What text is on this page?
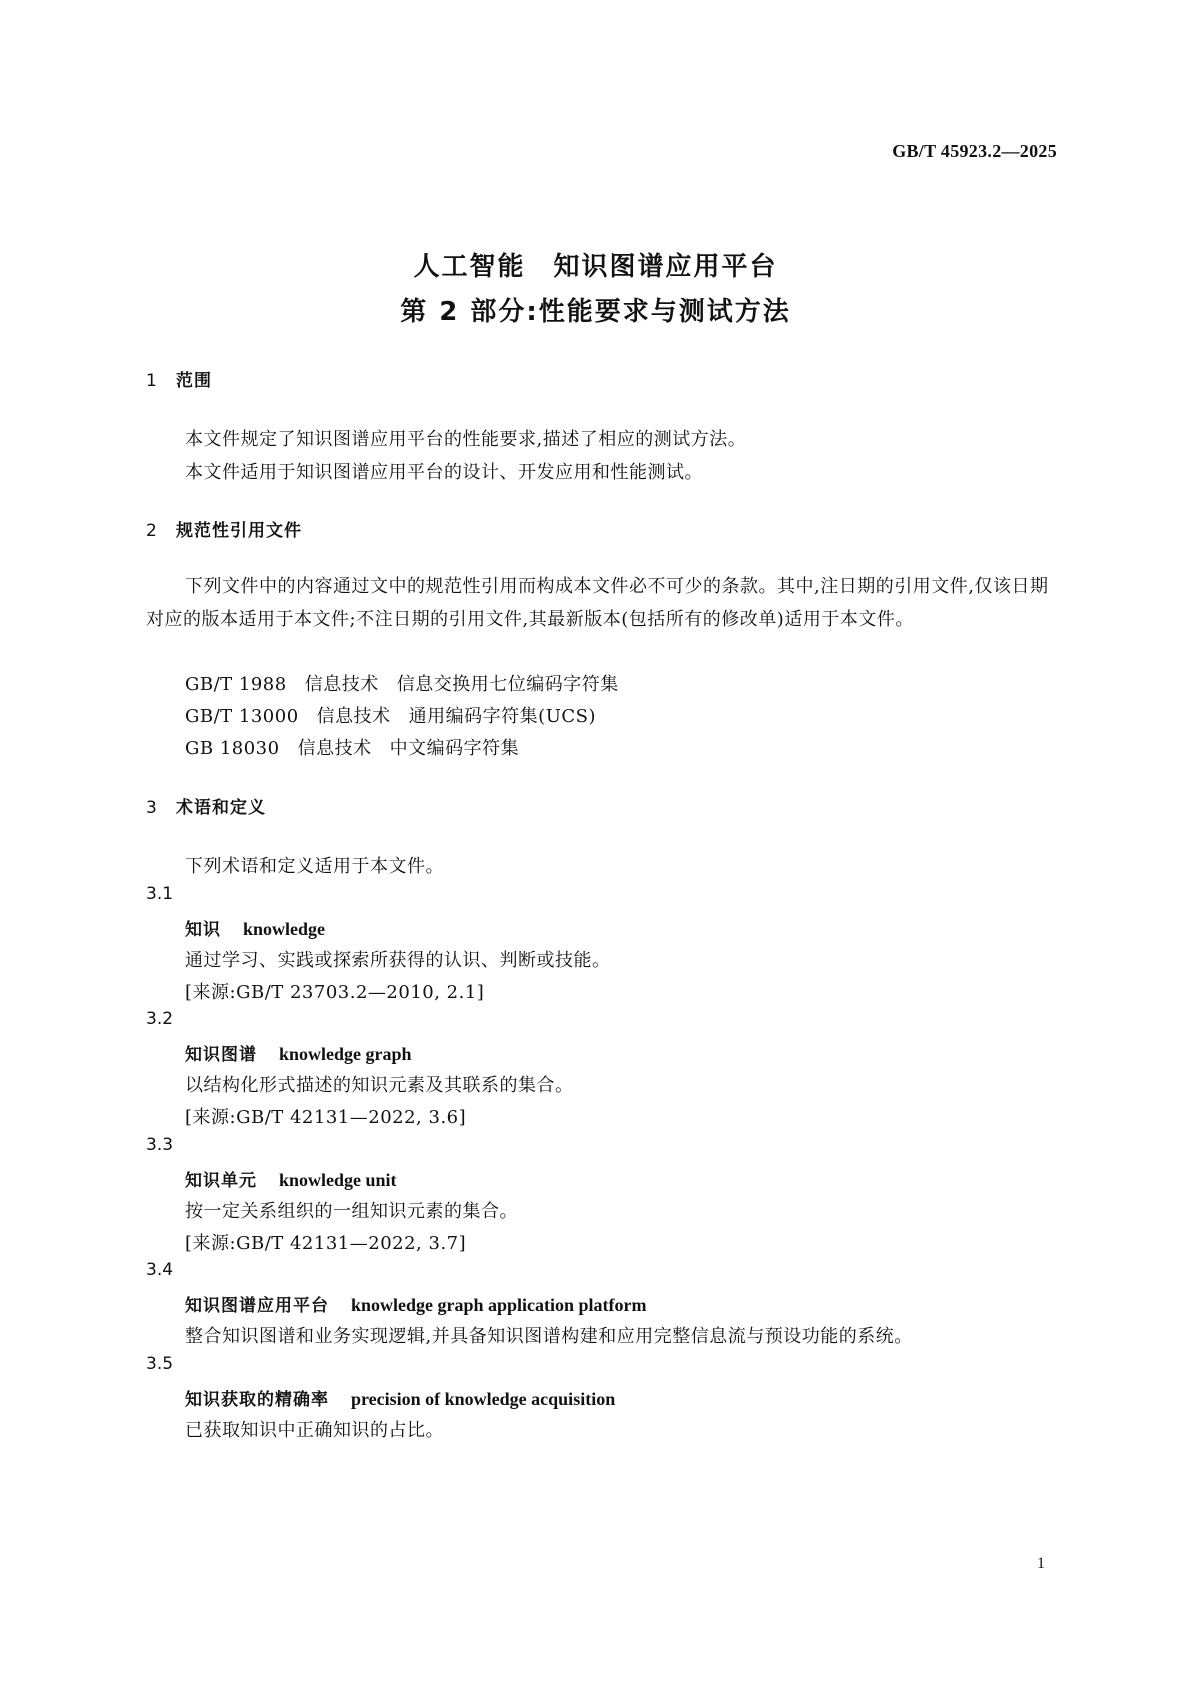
GB/T 45923.2—2025
人工智能 知识图谱应用平台
第 2 部分:性能要求与测试方法
1 范围
本文件规定了知识图谱应用平台的性能要求,描述了相应的测试方法。
本文件适用于知识图谱应用平台的设计、开发应用和性能测试。
2 规范性引用文件
下列文件中的内容通过文中的规范性引用而构成本文件必不可少的条款。其中,注日期的引用文件,仅该日期对应的版本适用于本文件;不注日期的引用文件,其最新版本(包括所有的修改单)适用于本文件。
GB/T 1988 信息技术 信息交换用七位编码字符集
GB/T 13000 信息技术 通用编码字符集(UCS)
GB 18030 信息技术 中文编码字符集
3 术语和定义
下列术语和定义适用于本文件。
3.1
知识 knowledge
通过学习、实践或探索所获得的认识、判断或技能。
[来源:GB/T 23703.2—2010, 2.1]
3.2
知识图谱 knowledge graph
以结构化形式描述的知识元素及其联系的集合。
[来源:GB/T 42131—2022, 3.6]
3.3
知识单元 knowledge unit
按一定关系组织的一组知识元素的集合。
[来源:GB/T 42131—2022, 3.7]
3.4
知识图谱应用平台 knowledge graph application platform
整合知识图谱和业务实现逻辑,并具备知识图谱构建和应用完整信息流与预设功能的系统。
3.5
知识获取的精确率 precision of knowledge acquisition
已获取知识中正确知识的占比。
1
